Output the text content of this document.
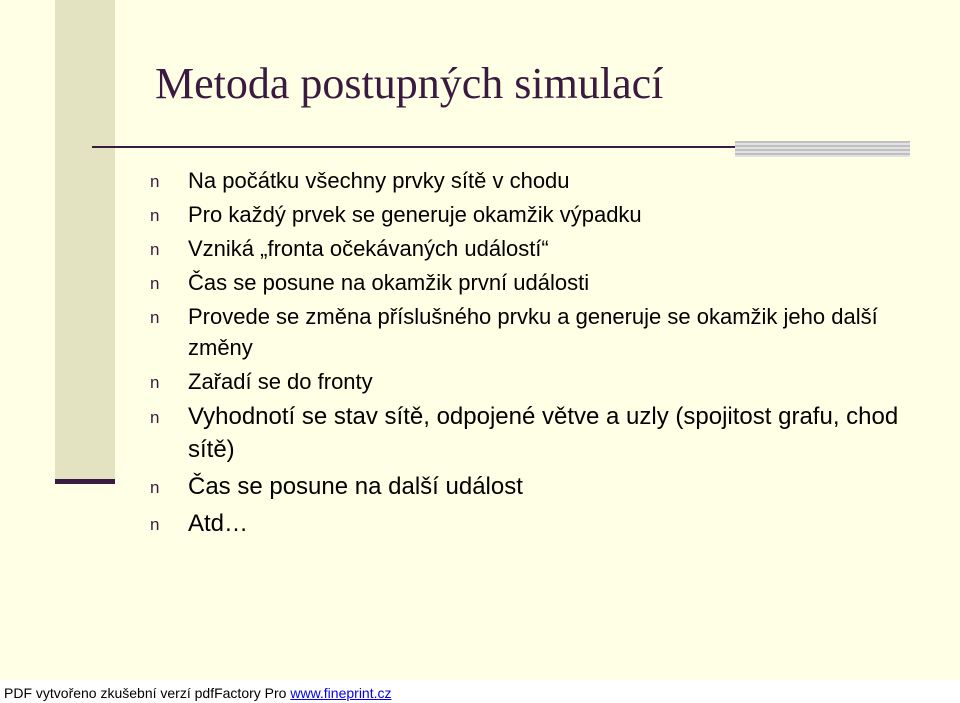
Metoda postupných simulací
n Na počátku všechny prvky sítě v chodu
n Pro každý prvek se generuje okamžik výpadku
n Vzniká „fronta očekávaných událostí“
n Čas se posune na okamžik první události
n Provede se změna příslušného prvku a generuje se okamžik jeho další změny
n Zařadí se do fronty
n Vyhodnotí se stav sítě, odpojené větve a uzly (spojitost grafu, chod sítě)
n Čas se posune na další událost
n Atd…
PDF vytvořeno zkušební verzí pdfFactory Pro www.fineprint.cz
